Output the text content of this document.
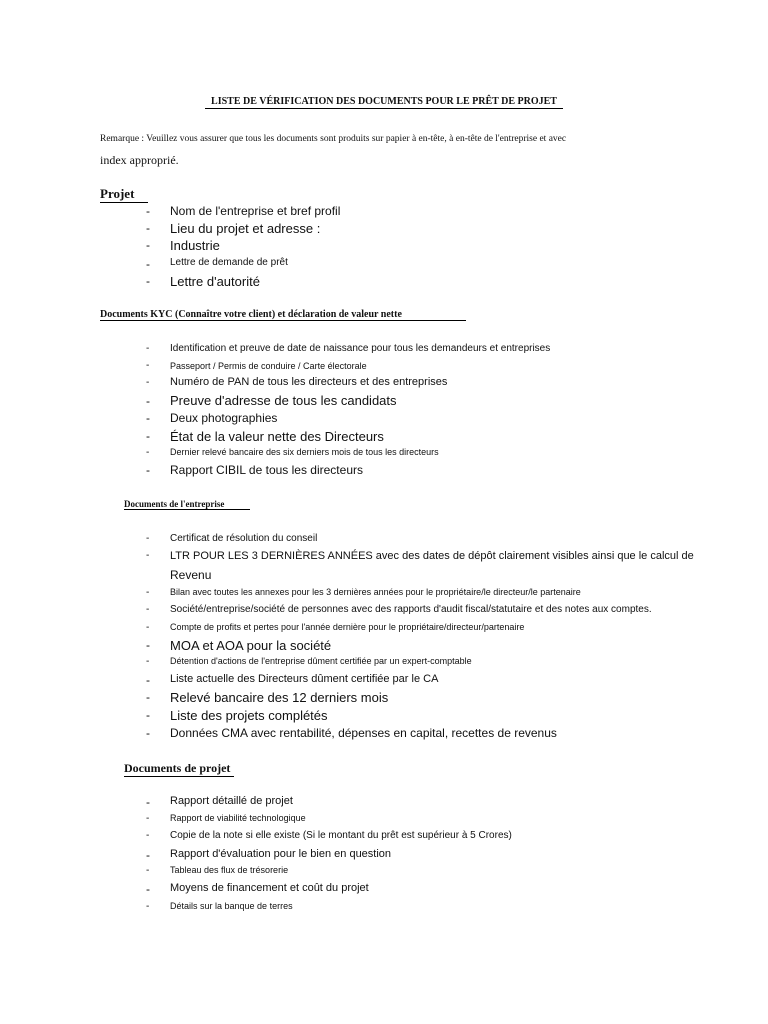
LISTE DE VÉRIFICATION DES DOCUMENTS POUR LE PRÊT DE PROJET
Remarque : Veuillez vous assurer que tous les documents sont produits sur papier à en-tête, à en-tête de l'entreprise et avec
index approprié.
Projet
-	Nom de l'entreprise et bref profil
-	Lieu du projet et adresse :
-	Industrie
-	Lettre de demande de prêt
-	Lettre d'autorité
Documents KYC (Connaître votre client) et déclaration de valeur nette
-	Identification et preuve de date de naissance pour tous les demandeurs et entreprises
-	Passeport / Permis de conduire / Carte électorale
-	Numéro de PAN de tous les directeurs et des entreprises
-	Preuve d'adresse de tous les candidats
-	Deux photographies
-	État de la valeur nette des Directeurs
-	Dernier relevé bancaire des six derniers mois de tous les directeurs
-	Rapport CIBIL de tous les directeurs
Documents de l'entreprise
-	Certificat de résolution du conseil
-	LTR POUR LES 3 DERNIÈRES ANNÉES avec des dates de dépôt clairement visibles ainsi que le calcul de
Revenu
-	Bilan avec toutes les annexes pour les 3 dernières années pour le propriétaire/le directeur/le partenaire
-	Société/entreprise/société de personnes avec des rapports d'audit fiscal/statutaire et des notes aux comptes.
-	Compte de profits et pertes pour l'année dernière pour le propriétaire/directeur/partenaire
-	MOA et AOA pour la société
-	Détention d'actions de l'entreprise dûment certifiée par un expert-comptable
-	Liste actuelle des Directeurs dûment certifiée par le CA
-	Relevé bancaire des 12 derniers mois
-	Liste des projets complétés
-	Données CMA avec rentabilité, dépenses en capital, recettes de revenus
Documents de projet
-	Rapport détaillé de projet
-	Rapport de viabilité technologique
-	Copie de la note si elle existe (Si le montant du prêt est supérieur à 5 Crores)
-	Rapport d'évaluation pour le bien en question
-	Tableau des flux de trésorerie
-	Moyens de financement et coût du projet
-	Détails sur la banque de terres
